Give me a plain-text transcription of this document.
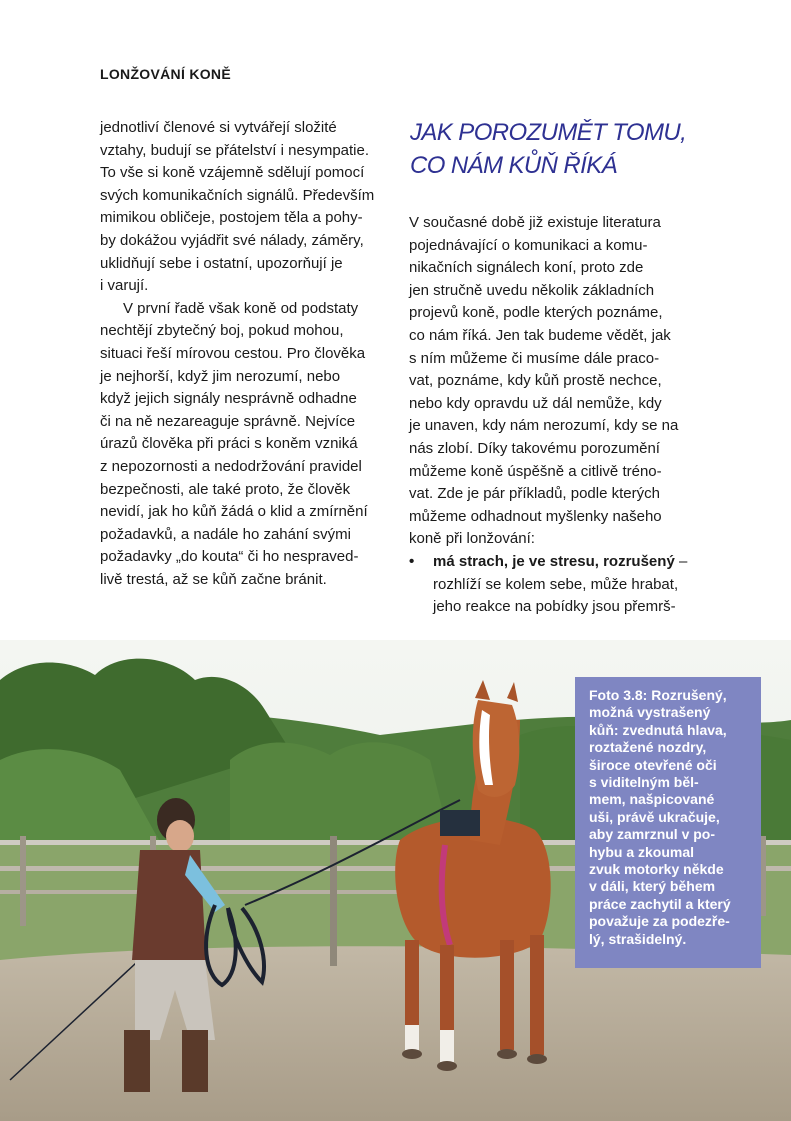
LONŽOVÁNÍ KONĚ

jednotliví členové si vytvářejí složité

vztahy, budují se přátelství i nesympatie.

To vše si koně vzájemně sdělují pomocí

svých komunikačních signálů. Především

mimikou obličeje, postojem těla a pohy-

by dokážou vyjádřit své nálady, záměry,

uklidňují sebe i ostatní, upozorňují je

i varují.

V první řadě však koně od podstaty

nechtějí zbytečný boj, pokud mohou,

situaci řeší mírovou cestou. Pro člověka

je nejhorší, když jim nerozumí, nebo

když jejich signály nesprávně odhadne

či na ně nezareaguje správně. Nejvíce

úrazů člověka při práci s koněm vzniká

z nepozornosti a nedodržování pravidel

bezpečnosti, ale také proto, že člověk

nevidí, jak ho kůň žádá o klid a zmírnění

požadavků, a nadále ho zahání svými

požadavky „do kouta“ či ho nespraved-

livě trestá, až se kůň začne bránit.

JAK POROZUMĚT TOMU,
CO NÁM KŮŇ ŘÍKÁ

V současné době již existuje literatura

pojednávající o komunikaci a komu-

nikačních signálech koní, proto zde

jen stručně uvedu několik základních

projevů koně, podle kterých poznáme,

co nám říká. Jen tak budeme vědět, jak

s ním můžeme či musíme dále praco-

vat, poznáme, kdy kůň prostě nechce,

nebo kdy opravdu už dál nemůže, kdy

je unaven, kdy nám nerozumí, kdy se na

nás zlobí. Díky takovému porozumění

můžeme koně úspěšně a citlivě tréno-

vat. Zde je pár příkladů, podle kterých

můžeme odhadnout myšlenky našeho

koně při lonžování:

• má strach, je ve stresu, rozrušený –
rozhlíží se kolem sebe, může hrabat,
jeho reakce na pobídky jsou přemrš-
Foto 3.8: Rozrušený,
možná vystrašený
kůň: zvednutá hlava,
roztažené nozdry,
široce otevřené oči
s viditelným běl-
mem, našpicované
uši, právě ukračuje,
aby zamrznul v po-
hybu a zkoumal
zvuk motorky někde
v dáli, který během
práce zachytil a který
považuje za podezře-
lý, strašidelný.
